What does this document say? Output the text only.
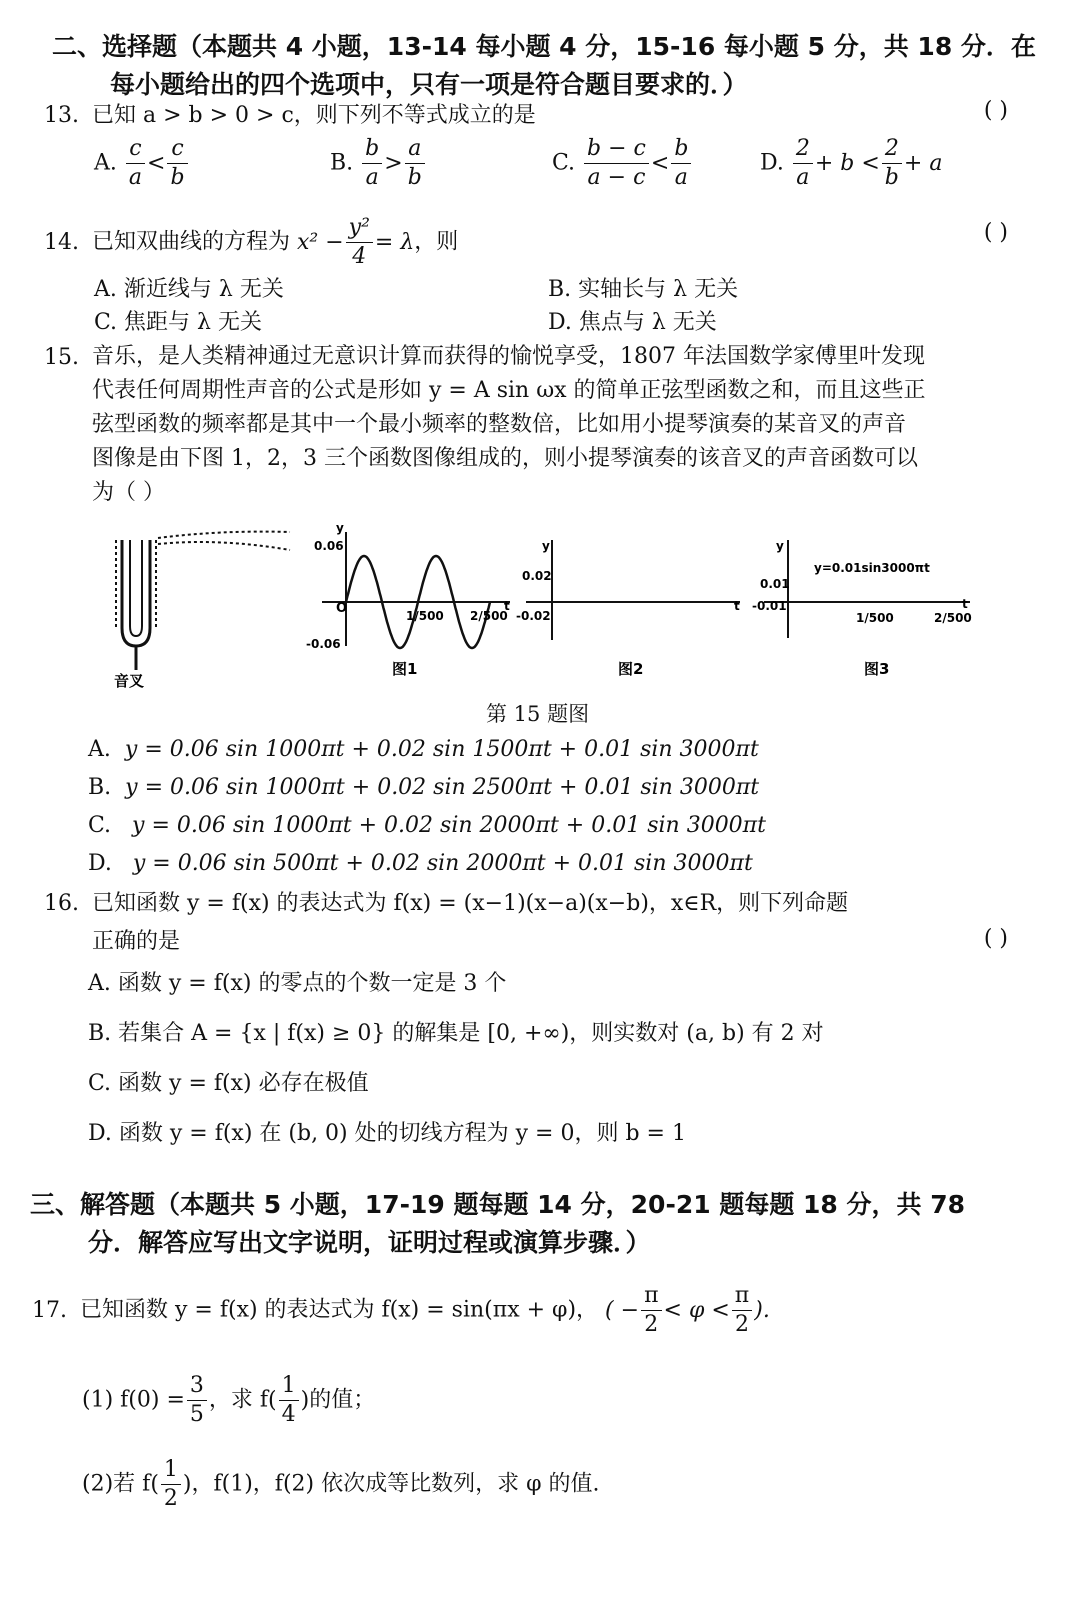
二、选择题（本题共 4 小题，13-14 每小题 4 分，15-16 每小题 5 分，共 18 分．在
每小题给出的四个选项中，只有一项是符合题目要求的．）
13. 已知 a > b > 0 > c，则下列不等式成立的是	( )
A. $\frac{c}{a} < \frac{c}{b}$	B. $\frac{b}{a} > \frac{a}{b}$	C. $\frac{b - c}{a - c} < \frac{b}{a}$	D. $\frac{2}{a} + b < \frac{2}{b} + a$
14. 已知双曲线的方程为 $x^2 - \frac{\text{y²}}{4} = \lambda$，则	( )
A. 渐近线与 λ 无关	B. 实轴长与 λ 无关
C. 焦距与 λ 无关	D. 焦点与 λ 无关
15. 音乐，是人类精神通过无意识计算而获得的愉悦享受，1807 年法国数学家傅里叶发现
代表任何周期性声音的公式是形如 y = A sin ωx 的简单正弦型函数之和，而且这些正
弦型函数的频率都是其中一个最小频率的整数倍，比如用小提琴演奏的某音叉的声音
图像是由下图 1，2，3 三个函数图像组成的，则小提琴演奏的该音叉的声音函数可以
为（ ）
音叉
y
0.06
-0.06
O	1/500 2/500
t
图1
y
0.02
-0.02
t
图2
y
0.01
-0.01
y=0.01sin3000πt
1/500	2/500
t
图3
第 15 题图
A. y = 0.06 sin 1000πt + 0.02 sin 1500πt + 0.01 sin 3000πt
B. y = 0.06 sin 1000πt + 0.02 sin 2500πt + 0.01 sin 3000πt
C. y = 0.06 sin 1000πt + 0.02 sin 2000πt + 0.01 sin 3000πt
D. y = 0.06 sin 500πt + 0.02 sin 2000πt + 0.01 sin 3000πt
16. 已知函数 y = f(x) 的表达式为 f(x) = (x−1)(x−a)(x−b)，x∈R，则下列命题
正确的是	( )
A. 函数 y = f(x) 的零点的个数一定是 3 个
B. 若集合 A = {x | f(x) ≥ 0} 的解集是 [0, +∞)，则实数对 (a, b) 有 2 对
C. 函数 y = f(x) 必存在极值
D. 函数 y = f(x) 在 (b, 0) 处的切线方程为 y = 0，则 b = 1
三、解答题（本题共 5 小题，17-19 题每题 14 分，20-21 题每题 18 分，共 78
分．解答应写出文字说明，证明过程或演算步骤．）
17. 已知函数 y = f(x) 的表达式为 f(x) = sin(πx + φ)， ( − $\frac{\pi}{2} < \varphi < \frac{\pi}{2}$ ).
(1) $f(0) = \frac{3}{5}$ ，求 $f( \frac{1}{4}$ )的值；
(2)若 $f( \frac{1}{2}$ )，f(1)，f(2) 依次成等比数列，求 φ 的值.
